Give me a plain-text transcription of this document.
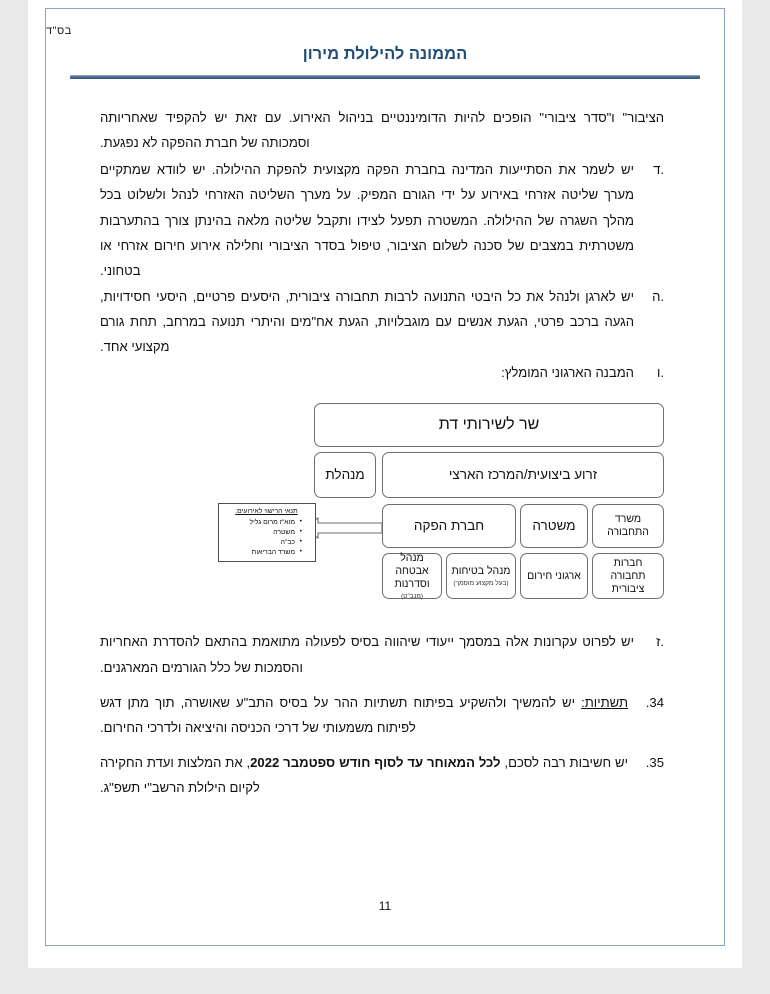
בס"ד
הממונה להילולת מירון

הציבור" ו"סדר ציבורי" הופכים להיות הדומיננטיים בניהול האירוע. עם זאת יש להקפיד שאחריותה וסמכותה של חברת ההפקה לא נפגעת.

.ד
יש לשמר את הסתייעות המדינה בחברת הפקה מקצועית להפקת ההילולה. יש לוודא שמתקיים מערך שליטה אזרחי באירוע על ידי הגורם המפיק. על מערך השליטה האזרחי לנהל ולשלוט בכל מהלך השגרה של ההילולה. המשטרה תפעל לצידו ותקבל שליטה מלאה בהינתן צורך בהתערבות משטרתית במצבים של סכנה לשלום הציבור, טיפול בסדר הציבורי וחלילה אירוע חירום אזרחי או בטחוני.
.ה
יש לארגן ולנהל את כל היבטי התנועה לרבות תחבורה ציבורית, היסעים פרטיים, היסעי חסידויות, הגעה ברכב פרטי, הגעת אנשים עם מוגבלויות, הגעת אח"מים והיתרי תנועה במרחב, תחת גורם מקצועי אחד.
.ו
המבנה הארגוני המומלץ:
שר לשירותי דת
זרוע ביצועית/המרכז הארצי
מנהלת
משרד התחבורה
משטרה
חברת הפקה
חברות תחבורה ציבורית
ארגוני חירום
מנהל בטיחות
(בעל מקצוע מוסמך)
מנהל אבטחה וסדרנות
(מנב"ט)
תנאי הרישוי לאירועים:
• מוא"ז מרום גליל
• משטרה
• כב"ה
• משרד הבריאות
.ז
יש לפרוט עקרונות אלה במסמך ייעודי שיהווה בסיס לפעולה מתואמת בהתאם להסדרת האחריות והסמכות של כלל הגורמים המארגנים.
.34
תשתיות: יש להמשיך ולהשקיע בפיתוח תשתיות ההר על בסיס התב"ע שאושרה, תוך מתן דגש לפיתוח משמעותי של דרכי הכניסה והיציאה ולדרכי החירום.
.35
יש חשיבות רבה לסכם, לכל המאוחר עד לסוף חודש ספטמבר 2022, את המלצות ועדת החקירה לקיום הילולת הרשב"י תשפ"ג.
11
